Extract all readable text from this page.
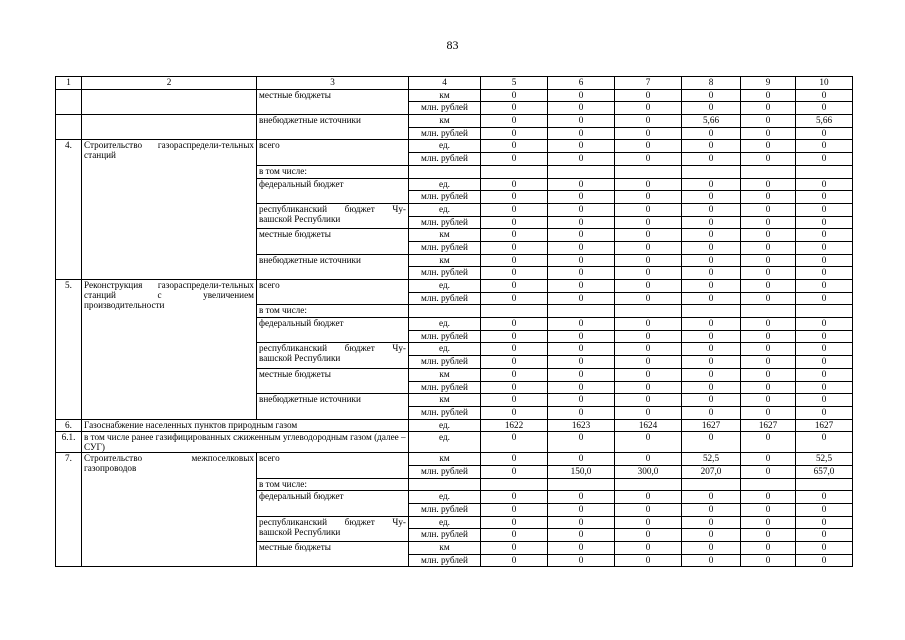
83
1	2	3	4	5	6	7	8	9	10
		местные бюджеты	км	0	0	0	0	0	0
			млн. рублей	0	0	0	0	0	0
		внебюджетные источники	км	0	0	0	5,66	0	5,66
			млн. рублей	0	0	0	0	0	0
4.	Строительство газораспредели-тельных станций	всего	ед.	0	0	0	0	0	0
			млн. рублей	0	0	0	0	0	0
		в том числе:							
		федеральный бюджет	ед.	0	0	0	0	0	0
			млн. рублей	0	0	0	0	0	0
		республиканский бюджет Чу-вашской Республики	ед.	0	0	0	0	0	0
			млн. рублей	0	0	0	0	0	0
		местные бюджеты	км	0	0	0	0	0	0
			млн. рублей	0	0	0	0	0	0
		внебюджетные источники	км	0	0	0	0	0	0
			млн. рублей	0	0	0	0	0	0
5.	Реконструкция газораспредели-тельных станций с увеличением производительности	всего	ед.	0	0	0	0	0	0
			млн. рублей	0	0	0	0	0	0
		в том числе:							
		федеральный бюджет	ед.	0	0	0	0	0	0
			млн. рублей	0	0	0	0	0	0
		республиканский бюджет Чу-вашской Республики	ед.	0	0	0	0	0	0
			млн. рублей	0	0	0	0	0	0
		местные бюджеты	км	0	0	0	0	0	0
			млн. рублей	0	0	0	0	0	0
		внебюджетные источники	км	0	0	0	0	0	0
			млн. рублей	0	0	0	0	0	0
6.	Газоснабжение населенных пунктов природным газом		ед.	1622	1623	1624	1627	1627	1627
6.1.	в том числе ранее газифицированных сжиженным углеводородным газом (далее – СУГ)		ед.	0	0	0	0	0	0
7.	Строительство межпоселковых газопроводов	всего	км	0	0	0	52,5	0	52,5
			млн. рублей	0	150,0	300,0	207,0	0	657,0
		в том числе:							
		федеральный бюджет	ед.	0	0	0	0	0	0
			млн. рублей	0	0	0	0	0	0
		республиканский бюджет Чу-вашской Республики	ед.	0	0	0	0	0	0
			млн. рублей	0	0	0	0	0	0
		местные бюджеты	км	0	0	0	0	0	0
			млн. рублей	0	0	0	0	0	0
